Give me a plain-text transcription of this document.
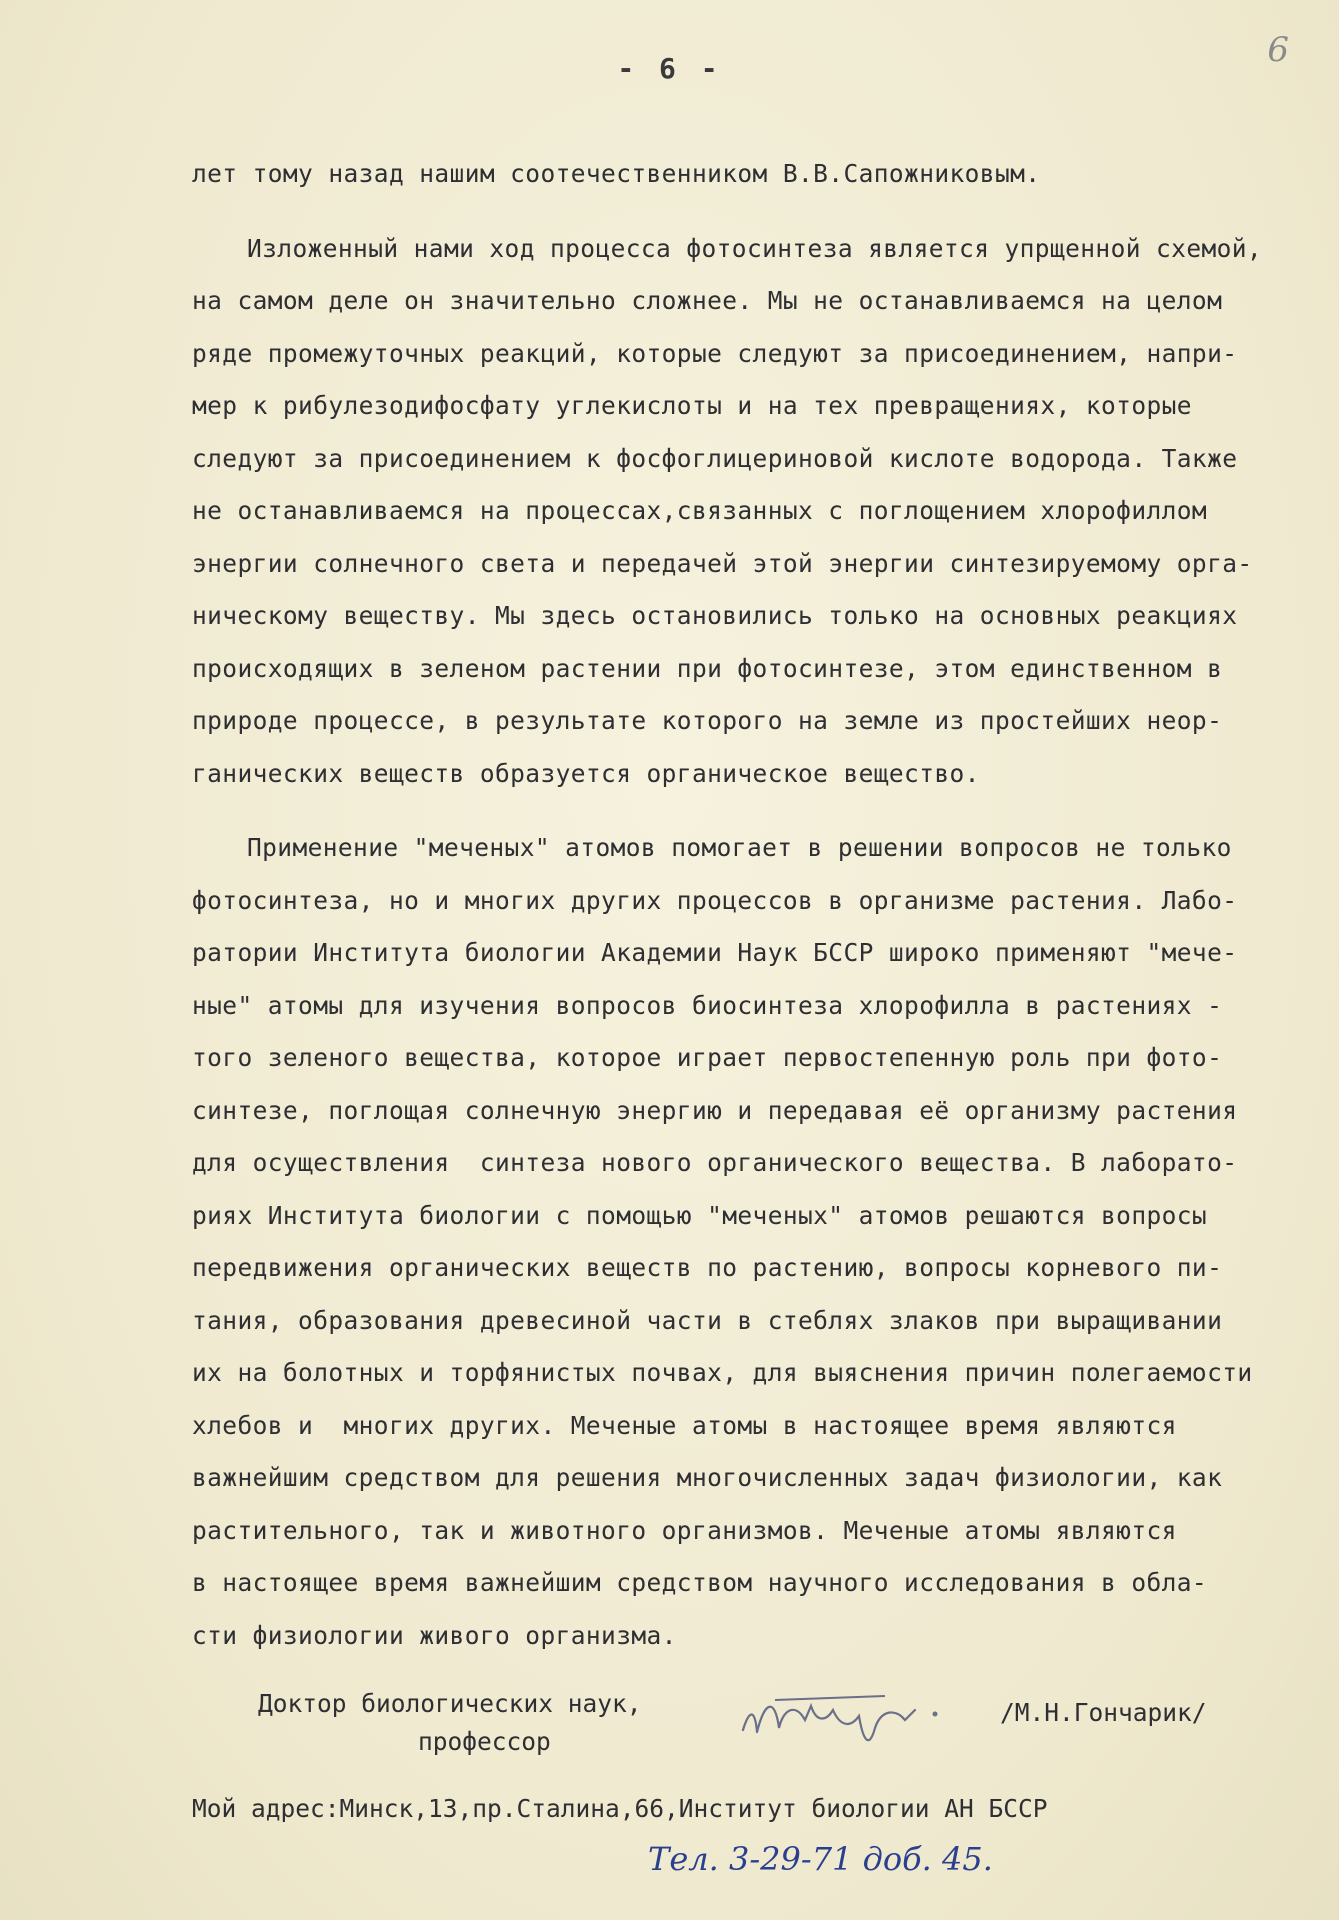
- 6 -	6
лет тому назад нашим соотечественником В.В.Сапожниковым.
Изложенный нами ход процесса фотосинтеза является упрщенной схемой,
на самом деле он значительно сложнее. Мы не останавливаемся на целом
ряде промежуточных реакций, которые следуют за присоединением, напри-
мер к рибулезодифосфату углекислоты и на тех превращениях, которые
следуют за присоединением к фосфоглицериновой кислоте водорода. Также
не останавливаемся на процессах,связанных с поглощением хлорофиллом
энергии солнечного света и передачей этой энергии синтезируемому орга-
ническому веществу. Мы здесь остановились только на основных реакциях
происходящих в зеленом растении при фотосинтезе, этом единственном в
природе процессе, в результате которого на земле из простейших неор-
ганических веществ образуется органическое вещество.
Применение "меченых" атомов помогает в решении вопросов не только
фотосинтеза, но и многих других процессов в организме растения. Лабо-
ратории Института биологии Академии Наук БССР широко применяют "мече-
ные" атомы для изучения вопросов биосинтеза хлорофилла в растениях -
того зеленого вещества, которое играет первостепенную роль при фото-
синтезе, поглощая солнечную энергию и передавая её организму растения
для осуществления  синтеза нового органического вещества. В лаборато-
риях Института биологии с помощью "меченых" атомов решаются вопросы
передвижения органических веществ по растению, вопросы корневого пи-
тания, образования древесиной части в стеблях злаков при выращивании
их на болотных и торфянистых почвах, для выяснения причин полегаемости
хлебов и  многих других. Меченые атомы в настоящее время являются
важнейшим средством для решения многочисленных задач физиологии, как
растительного, так и животного организмов. Меченые атомы являются
в настоящее время важнейшим средством научного исследования в обла-
сти физиологии живого организма.
Доктор биологических наук,
профессор
/М.Н.Гончарик/
Мой адрес:Минск,13,пр.Сталина,66,Институт биологии АН БССР
Тел. 3-29-71 доб. 45.
